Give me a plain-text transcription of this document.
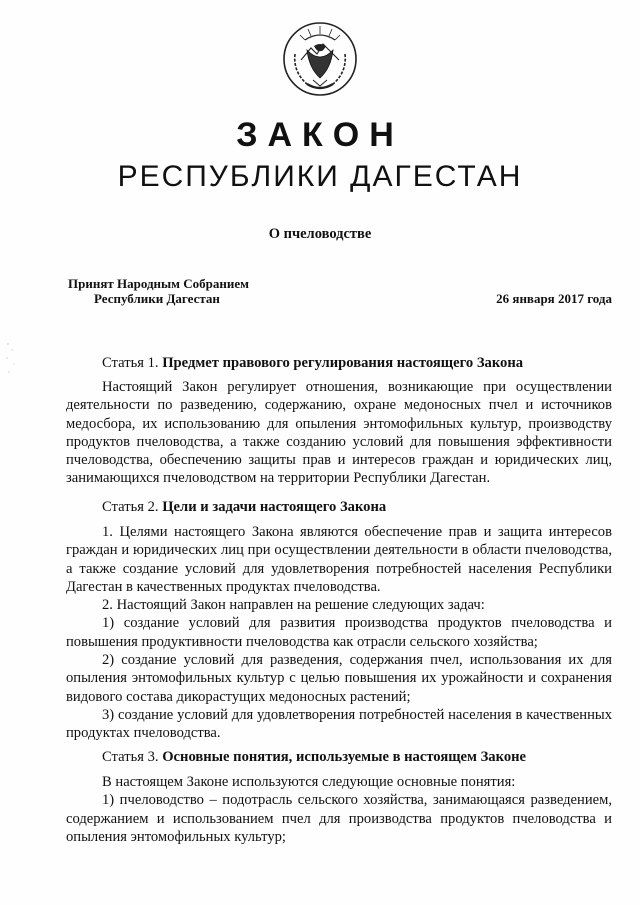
ЗАКОН
РЕСПУБЛИКИ ДАГЕСТАН
О пчеловодстве
Принят Народным Собранием
Республики Дагестан	26 января 2017 года
Статья 1. Предмет правового регулирования настоящего Закона

Настоящий Закон регулирует отношения, возникающие при осуществлении деятельности по разведению, содержанию, охране медоносных пчел и источников медосбора, их использованию для опыления энтомофильных культур, производству продуктов пчеловодства, а также созданию условий для повышения эффективности пчеловодства, обеспечению защиты прав и интересов граждан и юридических лиц, занимающихся пчеловодством на территории Республики Дагестан.

Статья 2. Цели и задачи настоящего Закона

1. Целями настоящего Закона являются обеспечение прав и защита интересов граждан и юридических лиц при осуществлении деятельности в области пчеловодства, а также создание условий для удовлетворения потребностей населения Республики Дагестан в качественных продуктах пчеловодства.

2. Настоящий Закон направлен на решение следующих задач:

1) создание условий для развития производства продуктов пчеловодства и повышения продуктивности пчеловодства как отрасли сельского хозяйства;

2) создание условий для разведения, содержания пчел, использования их для опыления энтомофильных культур с целью повышения их урожайности и сохранения видового состава дикорастущих медоносных растений;

3) создание условий для удовлетворения потребностей населения в качественных продуктах пчеловодства.

Статья 3. Основные понятия, используемые в настоящем Законе

В настоящем Законе используются следующие основные понятия:

1) пчеловодство – подотрасль сельского хозяйства, занимающаяся разведением, содержанием и использованием пчел для производства продуктов пчеловодства и опыления энтомофильных культур;
